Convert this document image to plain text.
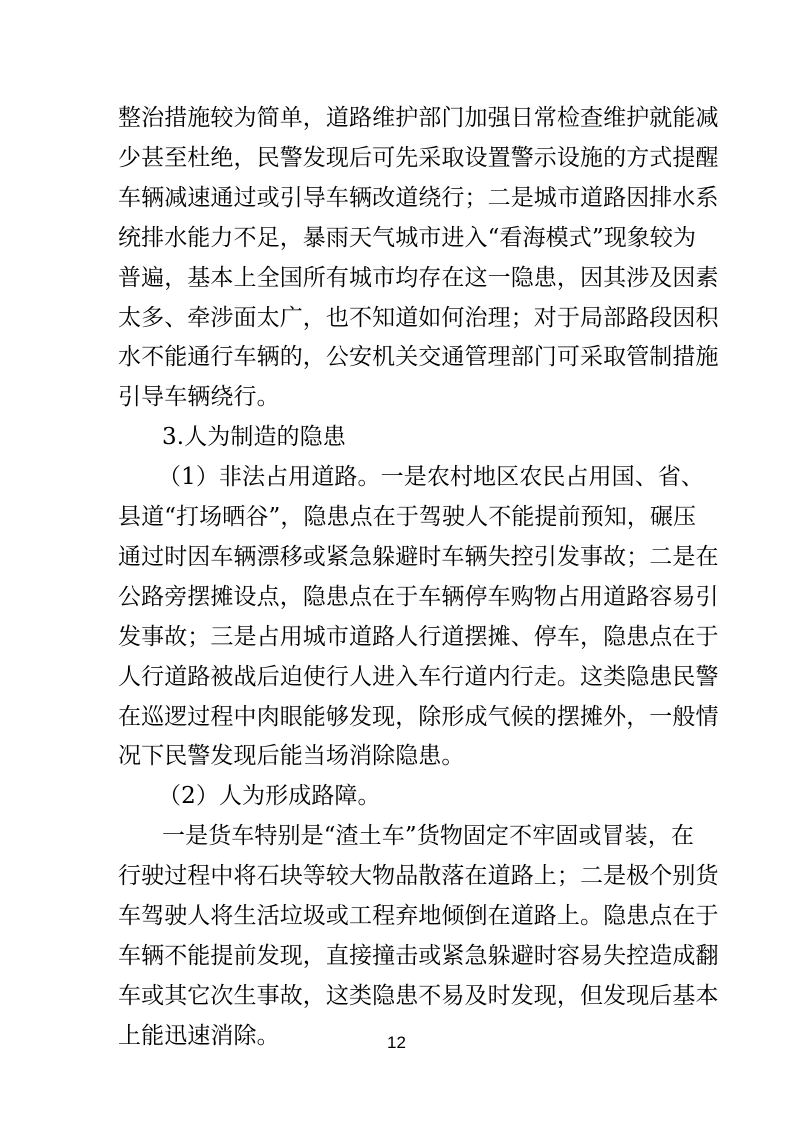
整治措施较为简单，道路维护部门加强日常检查维护就能减
少甚至杜绝，民警发现后可先采取设置警示设施的方式提醒
车辆减速通过或引导车辆改道绕行；二是城市道路因排水系
统排水能力不足，暴雨天气城市进入“看海模式”现象较为
普遍，基本上全国所有城市均存在这一隐患，因其涉及因素
太多、牵涉面太广，也不知道如何治理；对于局部路段因积
水不能通行车辆的，公安机关交通管理部门可采取管制措施
引导车辆绕行。
3.人为制造的隐患
（1）非法占用道路。一是农村地区农民占用国、省、
县道“打场晒谷”，隐患点在于驾驶人不能提前预知，碾压
通过时因车辆漂移或紧急躲避时车辆失控引发事故；二是在
公路旁摆摊设点，隐患点在于车辆停车购物占用道路容易引
发事故；三是占用城市道路人行道摆摊、停车，隐患点在于
人行道路被战后迫使行人进入车行道内行走。这类隐患民警
在巡逻过程中肉眼能够发现，除形成气候的摆摊外，一般情
况下民警发现后能当场消除隐患。
（2）人为形成路障。
一是货车特别是“渣土车”货物固定不牢固或冒装，在
行驶过程中将石块等较大物品散落在道路上；二是极个别货
车驾驶人将生活垃圾或工程弃地倾倒在道路上。隐患点在于
车辆不能提前发现，直接撞击或紧急躲避时容易失控造成翻
车或其它次生事故，这类隐患不易及时发现，但发现后基本
上能迅速消除。	12
